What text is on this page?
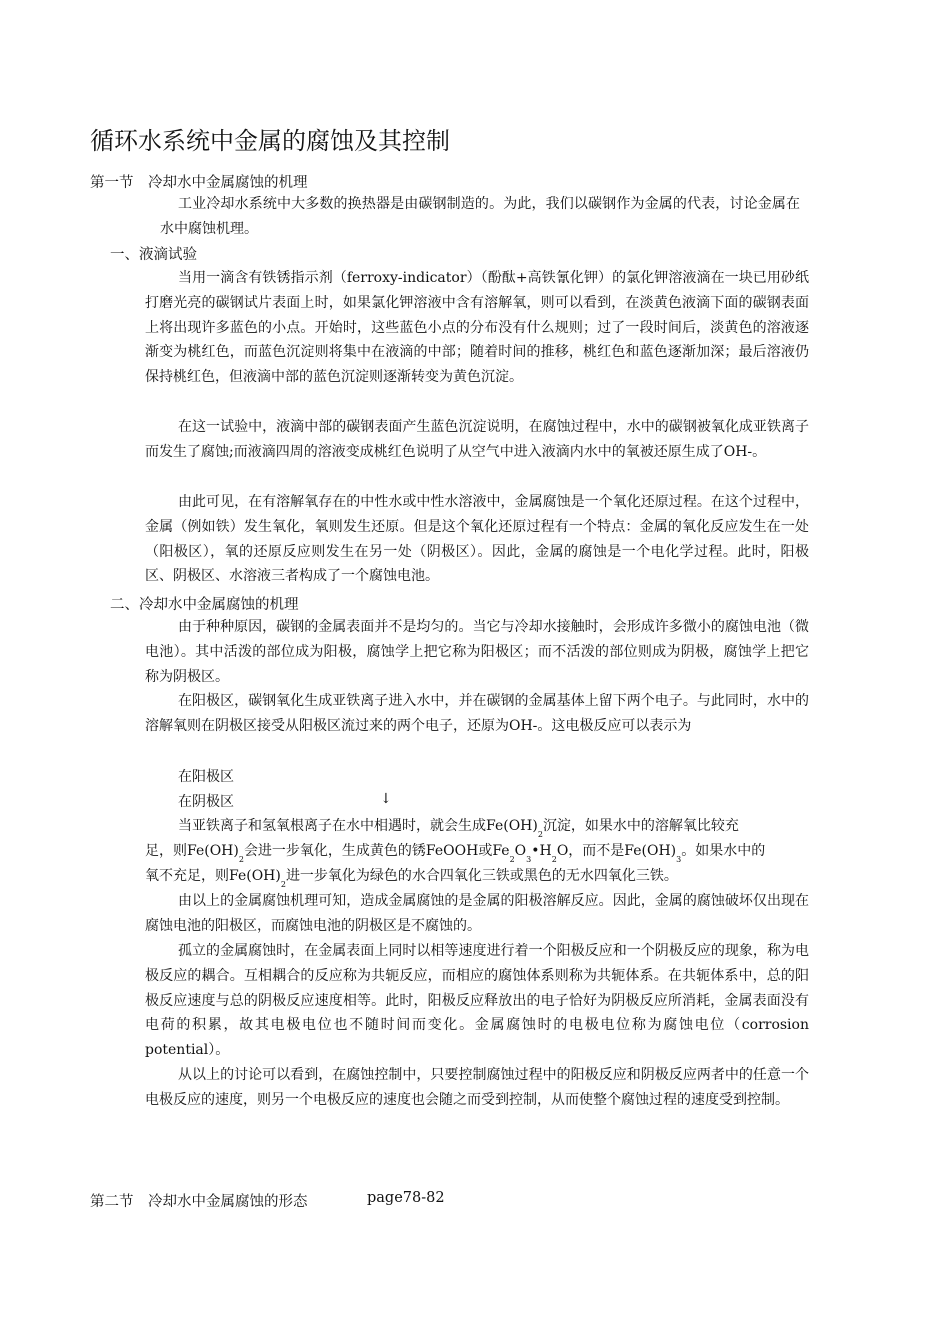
循环水系统中金属的腐蚀及其控制
第一节　冷却水中金属腐蚀的机理
工业冷却水系统中大多数的换热器是由碳钢制造的。为此，我们以碳钢作为金属的代表，讨论金属在水中腐蚀机理。
一、液滴试验
当用一滴含有铁锈指示剂（ferroxy-indicator）（酚酞+高铁氰化钾）的氯化钾溶液滴在一块已用砂纸打磨光亮的碳钢试片表面上时，如果氯化钾溶液中含有溶解氧，则可以看到，在淡黄色液滴下面的碳钢表面上将出现许多蓝色的小点。开始时，这些蓝色小点的分布没有什么规则；过了一段时间后，淡黄色的溶液逐渐变为桃红色，而蓝色沉淀则将集中在液滴的中部；随着时间的推移，桃红色和蓝色逐渐加深；最后溶液仍保持桃红色，但液滴中部的蓝色沉淀则逐渐转变为黄色沉淀。
在这一试验中，液滴中部的碳钢表面产生蓝色沉淀说明，在腐蚀过程中，水中的碳钢被氧化成亚铁离子而发生了腐蚀;而液滴四周的溶液变成桃红色说明了从空气中进入液滴内水中的氧被还原生成了OH-。
由此可见，在有溶解氧存在的中性水或中性水溶液中，金属腐蚀是一个氧化还原过程。在这个过程中，金属（例如铁）发生氧化，氧则发生还原。但是这个氧化还原过程有一个特点：金属的氧化反应发生在一处（阳极区），氧的还原反应则发生在另一处（阴极区）。因此，金属的腐蚀是一个电化学过程。此时，阳极区、阴极区、水溶液三者构成了一个腐蚀电池。
二、冷却水中金属腐蚀的机理
由于种种原因，碳钢的金属表面并不是均匀的。当它与冷却水接触时，会形成许多微小的腐蚀电池（微电池）。其中活泼的部位成为阳极，腐蚀学上把它称为阳极区；而不活泼的部位则成为阴极，腐蚀学上把它称为阴极区。
在阳极区，碳钢氧化生成亚铁离子进入水中，并在碳钢的金属基体上留下两个电子。与此同时，水中的溶解氧则在阴极区接受从阳极区流过来的两个电子，还原为OH-。这电极反应可以表示为
在阳极区
在阴极区	↓
当亚铁离子和氢氧根离子在水中相遇时，就会生成$Fe(OH)_2$沉淀，如果水中的溶解氧比较充
足，则$Fe(OH)_2$会进一步氧化，生成黄色的锈FeOOH或$Fe_2O_3•H_2O$，而不是$Fe(OH)_3$。如果水中的
氧不充足，则$Fe(OH)_2$进一步氧化为绿色的水合四氧化三铁或黑色的无水四氧化三铁。
由以上的金属腐蚀机理可知，造成金属腐蚀的是金属的阳极溶解反应。因此，金属的腐蚀破坏仅出现在腐蚀电池的阳极区，而腐蚀电池的阴极区是不腐蚀的。
孤立的金属腐蚀时，在金属表面上同时以相等速度进行着一个阳极反应和一个阴极反应的现象，称为电极反应的耦合。互相耦合的反应称为共轭反应，而相应的腐蚀体系则称为共轭体系。在共轭体系中，总的阳极反应速度与总的阴极反应速度相等。此时，阳极反应释放出的电子恰好为阴极反应所消耗，金属表面没有电荷的积累，故其电极电位也不随时间而变化。金属腐蚀时的电极电位称为腐蚀电位（corrosion potential）。
从以上的讨论可以看到，在腐蚀控制中，只要控制腐蚀过程中的阳极反应和阴极反应两者中的任意一个电极反应的速度，则另一个电极反应的速度也会随之而受到控制，从而使整个腐蚀过程的速度受到控制。
第二节　冷却水中金属腐蚀的形态	page78-82
